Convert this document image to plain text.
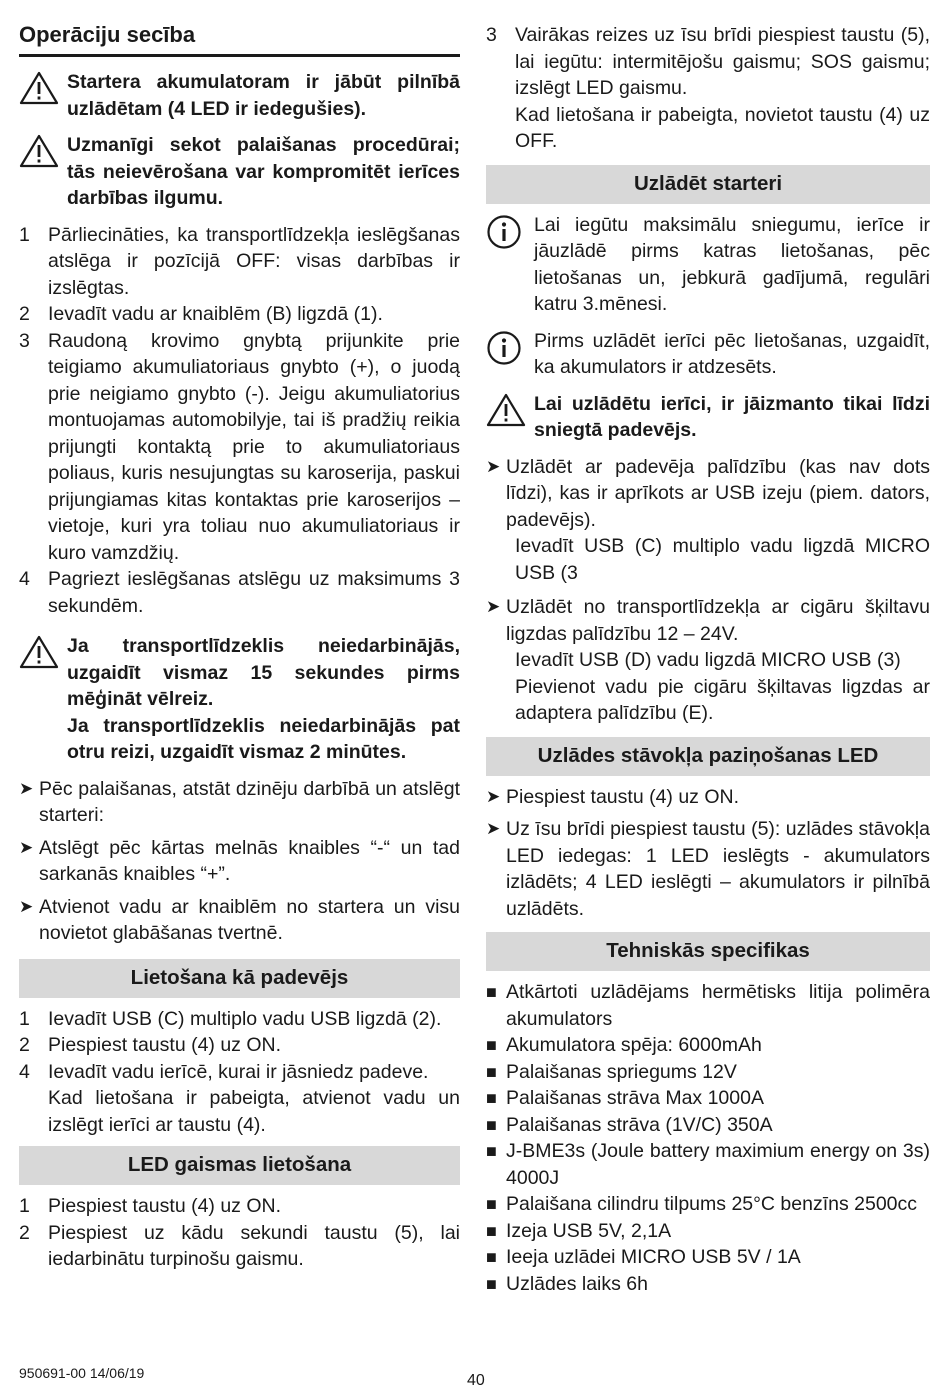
Operāciju secība
Startera akumulatoram ir jābūt pilnībā uzlādētam (4 LED ir iedegušies).
Uzmanīgi sekot palaišanas procedūrai; tās neievērošana var kompromitēt ierīces darbības ilgumu.
1 Pārliecināties, ka transportlīdzekļa ieslēgšanas atslēga ir pozīcijā OFF: visas darbības ir izslēgtas.
2 Ievadīt vadu ar knaiblēm (B) ligzdā (1).
3 Raudoną krovimo gnybtą prijunkite prie teigiamo akumuliatoriaus gnybto (+), o juodą prie neigiamo gnybto (-). Jeigu akumuliatorius montuojamas automobilyje, tai iš pradžių reikia prijungti kontaktą prie to akumuliatoriaus poliaus, kuris nesujungtas su karoserija, paskui prijungiamas kitas kontaktas prie karoserijos – vietoje, kuri yra toliau nuo akumuliatoriaus ir kuro vamzdžių.
4 Pagriezt ieslēgšanas atslēgu uz maksimums 3 sekundēm.
Ja transportlīdzeklis neiedarbinājās, uzgaidīt vismaz 15 sekundes pirms mēģināt vēlreiz.
Ja transportlīdzeklis neiedarbinājās pat otru reizi, uzgaidīt vismaz 2 minūtes.
➤ Pēc palaišanas, atstāt dzinēju darbībā un atslēgt starteri:
➤ Atslēgt pēc kārtas melnās knaibles “-“ un tad sarkanās knaibles “+”.
➤ Atvienot vadu ar knaiblēm no startera un visu novietot glabāšanas tvertnē.
Lietošana kā padevējs
1 Ievadīt USB (C) multiplo vadu USB ligzdā (2).
2 Piespiest taustu (4) uz ON.
4 Ievadīt vadu ierīcē, kurai ir jāsniedz padeve.

Kad lietošana ir pabeigta, atvienot vadu un izslēgt ierīci ar taustu (4).

LED gaismas lietošana
1 Piespiest taustu (4) uz ON.
2 Piespiest uz kādu sekundi taustu (5), lai iedarbinātu turpinošu gaismu.
3 Vairākas reizes uz īsu brīdi piespiest taustu (5), lai iegūtu: intermitējošu gaismu; SOS gaismu; izslēgt LED gaismu.

Kad lietošana ir pabeigta, novietot taustu (4) uz OFF.

Uzlādēt starteri
Lai iegūtu maksimālu sniegumu, ierīce ir jāuzlādē pirms katras lietošanas, pēc lietošanas un, jebkurā gadījumā, regulāri katru 3.mēnesi.
Pirms uzlādēt ierīci pēc lietošanas, uzgaidīt, ka akumulators ir atdzesēts.
Lai uzlādētu ierīci, ir jāizmanto tikai līdzi sniegtā padevējs.
➤ Uzlādēt ar padevēja palīdzību (kas nav dots līdzi), kas ir aprīkots ar USB izeju (piem. dators, padevējs).

Ievadīt USB (C) multiplo vadu ligzdā MICRO USB (3
➤ Uzlādēt no transportlīdzekļa ar cigāru šķiltavu ligzdas palīdzību 12 – 24V.
Ievadīt USB (D) vadu ligzdā MICRO USB (3)
Pievienot vadu pie cigāru šķiltavas ligzdas ar adaptera palīdzību (E).
Uzlādes stāvokļa paziņošanas LED
➤ Piespiest taustu (4) uz ON.
➤ Uz īsu brīdi piespiest taustu (5): uzlādes stāvokļa LED iedegas: 1 LED ieslēgts - akumulators izlādēts; 4 LED ieslēgti – akumulators ir pilnībā uzlādēts.
Tehniskās specifikas
■ Atkārtoti uzlādējams hermētisks litija polimēra akumulators
■ Akumulatora spēja: 6000mAh
■ Palaišanas spriegums 12V
■ Palaišanas strāva Max 1000A
■ Palaišanas strāva (1V/C) 350A
■ J-BME3s (Joule battery maximium energy on 3s) 4000J
■ Palaišana cilindru tilpums 25°C benzīns 2500cc
■ Izeja USB 5V, 2,1A
■ Ieeja uzlādei MICRO USB 5V / 1A
■ Uzlādes laiks 6h
950691-00 14/06/19	40
